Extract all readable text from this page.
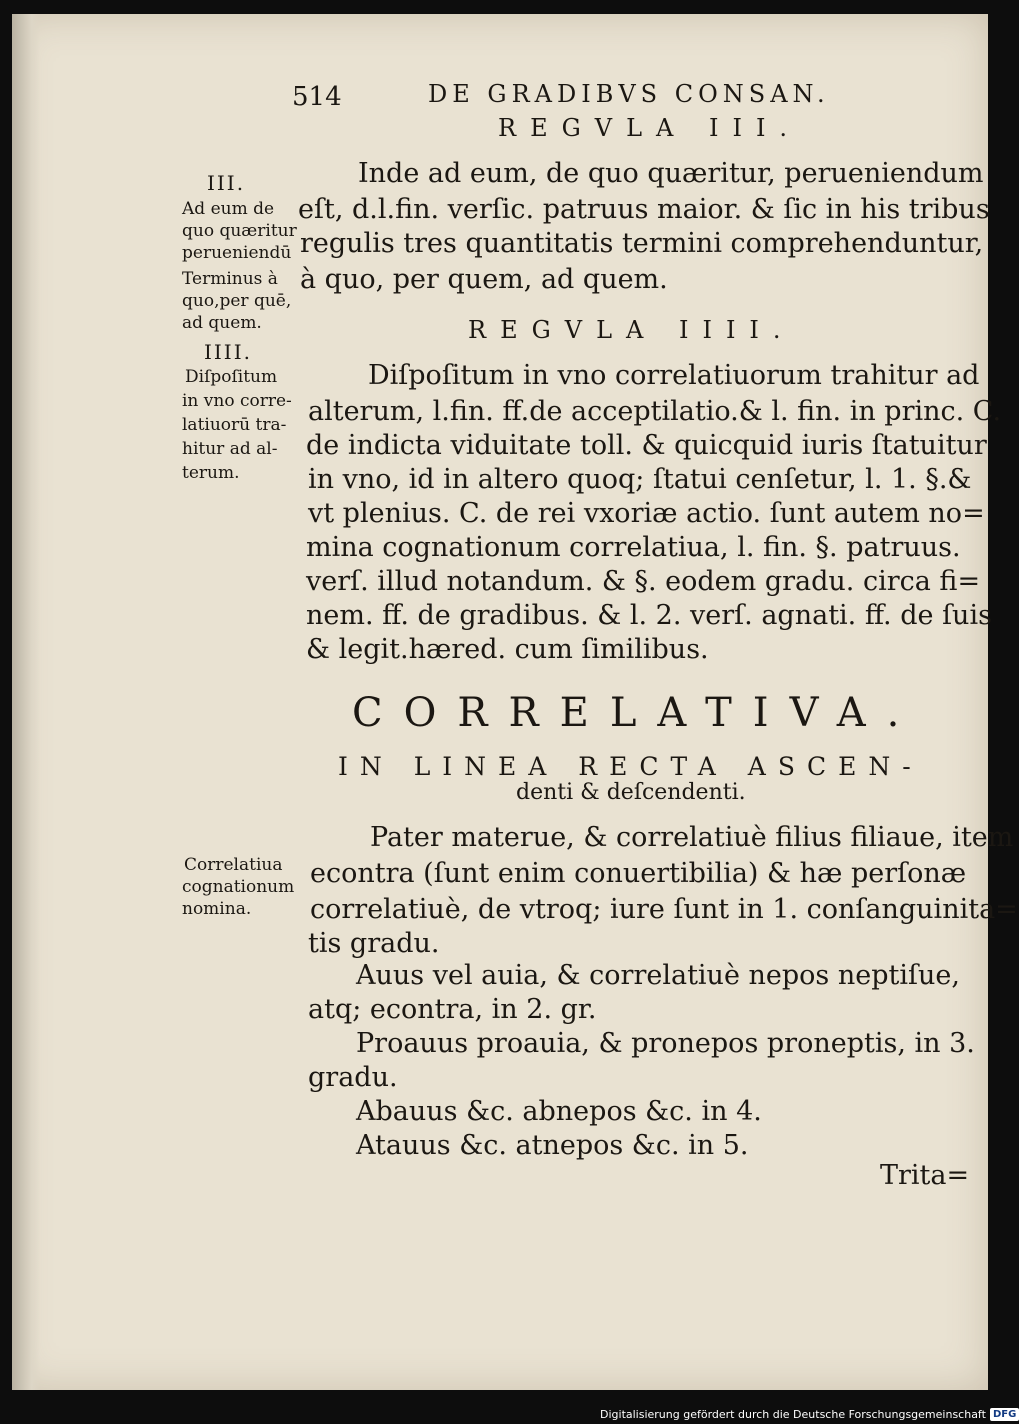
514	DE GRADIBVS CONSAN.
REGVLA III.
Inde ad eum, de quo quæritur, perueniendum
eſt, d.l.fin. verſic. patruus maior. & ſic in his tribus
regulis tres quantitatis termini comprehenduntur,
à quo, per quem, ad quem.
III.
Ad eum de
quo quæritur
perueniendū
Terminus à
quo,per quē,
ad quem.	REGVLA IIII.
IIII.
Diſpoſitum
in vno corre-
latiuorū tra-
hitur ad al-
terum.
Diſpoſitum in vno correlatiuorum trahitur ad
alterum, l.fin. ff.de acceptilatio.& l. fin. in princ. C.
de indicta viduitate toll. & quicquid iuris ſtatuitur
in vno, id in altero quoq; ſtatui cenſetur, l. 1. §.&
vt plenius. C. de rei vxoriæ actio. ſunt autem no=
mina cognationum correlatiua, l. fin. §. patruus.
verſ. illud notandum. & §. eodem gradu. circa fi=
nem. ff. de gradibus. & l. 2. verſ. agnati. ff. de ſuis
& legit.hæred. cum ſimilibus.
CORRELATIVA.
IN LINEA RECTA ASCEN-
denti & deſcendenti.
Correlatiua
cognationum
nomina.
Pater materue, & correlatiuè filius filiaue, item
econtra (ſunt enim conuertibilia) & hæ perſonæ
correlatiuè, de vtroq; iure ſunt in 1. conſanguinita=
tis gradu.
Auus vel auia, & correlatiuè nepos neptiſue,
atq; econtra, in 2. gr.
Proauus proauia, & pronepos proneptis, in 3.
gradu.
Abauus &c. abnepos &c. in 4.
Atauus &c. atnepos &c. in 5.
Trita=
Digitalisierung gefördert durch die Deutsche Forschungsgemeinschaft DFG
